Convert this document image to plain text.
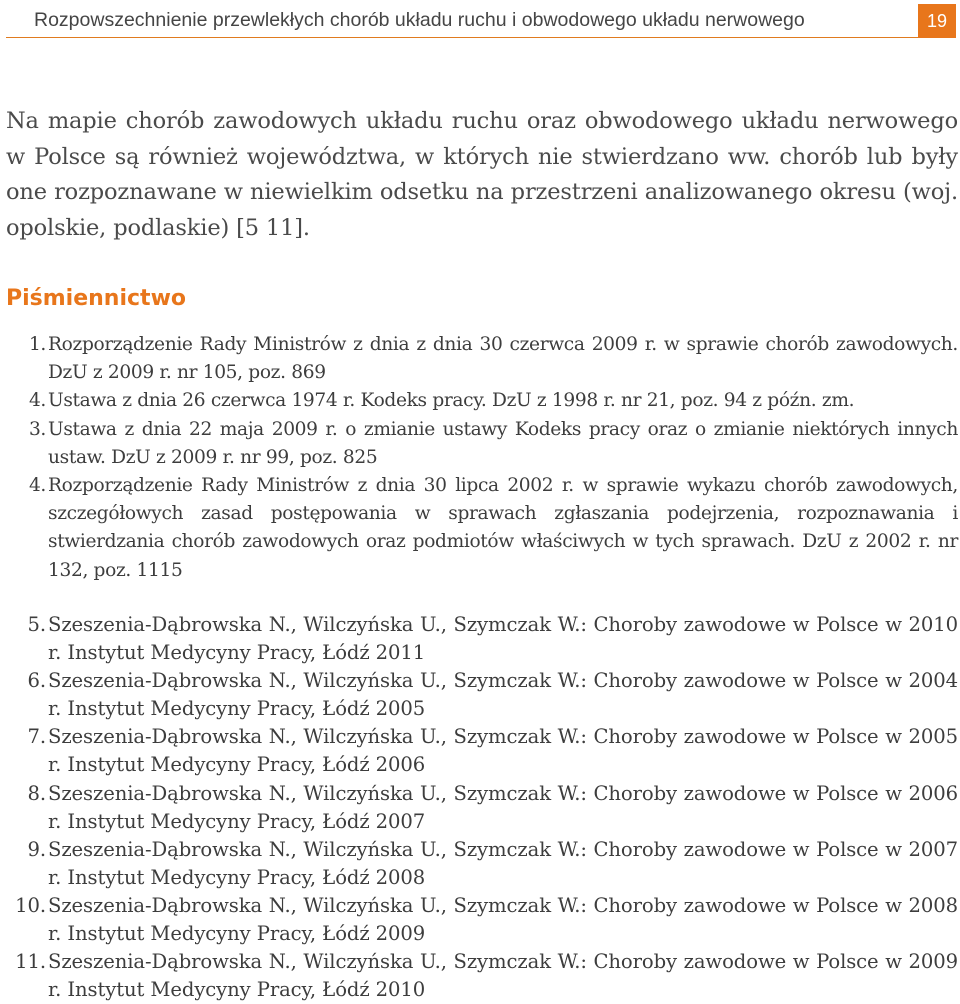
Rozpowszechnienie przewlekłych chorób układu ruchu i obwodowego układu nerwowego	19

Na mapie chorób zawodowych układu ruchu oraz obwodowego układu nerwowego w Polsce są również województwa, w których nie stwierdzano ww. chorób lub były one rozpoznawane w niewielkim odsetku na przestrzeni analizowanego okresu (woj. opolskie, podlaskie) [5 11].

Piśmiennictwo
1. Rozporządzenie Rady Ministrów z dnia z dnia 30 czerwca 2009 r. w sprawie chorób zawodowych. DzU z 2009 r. nr 105, poz. 869
4. Ustawa z dnia 26 czerwca 1974 r. Kodeks pracy. DzU z 1998 r. nr 21, poz. 94 z późn. zm.
3. Ustawa z dnia 22 maja 2009 r. o zmianie ustawy Kodeks pracy oraz o zmianie niektórych innych ustaw. DzU z 2009 r. nr 99, poz. 825
4. Rozporządzenie Rady Ministrów z dnia 30 lipca 2002 r. w sprawie wykazu chorób zawodowych, szczegółowych zasad postępowania w sprawach zgłaszania podejrzenia, rozpoznawania i stwierdzania chorób zawodowych oraz podmiotów właściwych w tych sprawach. DzU z 2002 r. nr 132, poz. 1115
5. Szeszenia-Dąbrowska N., Wilczyńska U., Szymczak W.: Choroby zawodowe w Polsce w 2010 r. Instytut Medycyny Pracy, Łódź 2011
6. Szeszenia-Dąbrowska N., Wilczyńska U., Szymczak W.: Choroby zawodowe w Polsce w 2004 r. Instytut Medycyny Pracy, Łódź 2005
7. Szeszenia-Dąbrowska N., Wilczyńska U., Szymczak W.: Choroby zawodowe w Polsce w 2005 r. Instytut Medycyny Pracy, Łódź 2006
8. Szeszenia-Dąbrowska N., Wilczyńska U., Szymczak W.: Choroby zawodowe w Polsce w 2006 r. Instytut Medycyny Pracy, Łódź 2007
9. Szeszenia-Dąbrowska N., Wilczyńska U., Szymczak W.: Choroby zawodowe w Polsce w 2007 r. Instytut Medycyny Pracy, Łódź 2008
10. Szeszenia-Dąbrowska N., Wilczyńska U., Szymczak W.: Choroby zawodowe w Polsce w 2008 r. Instytut Medycyny Pracy, Łódź 2009
11. Szeszenia-Dąbrowska N., Wilczyńska U., Szymczak W.: Choroby zawodowe w Polsce w 2009 r. Instytut Medycyny Pracy, Łódź 2010
